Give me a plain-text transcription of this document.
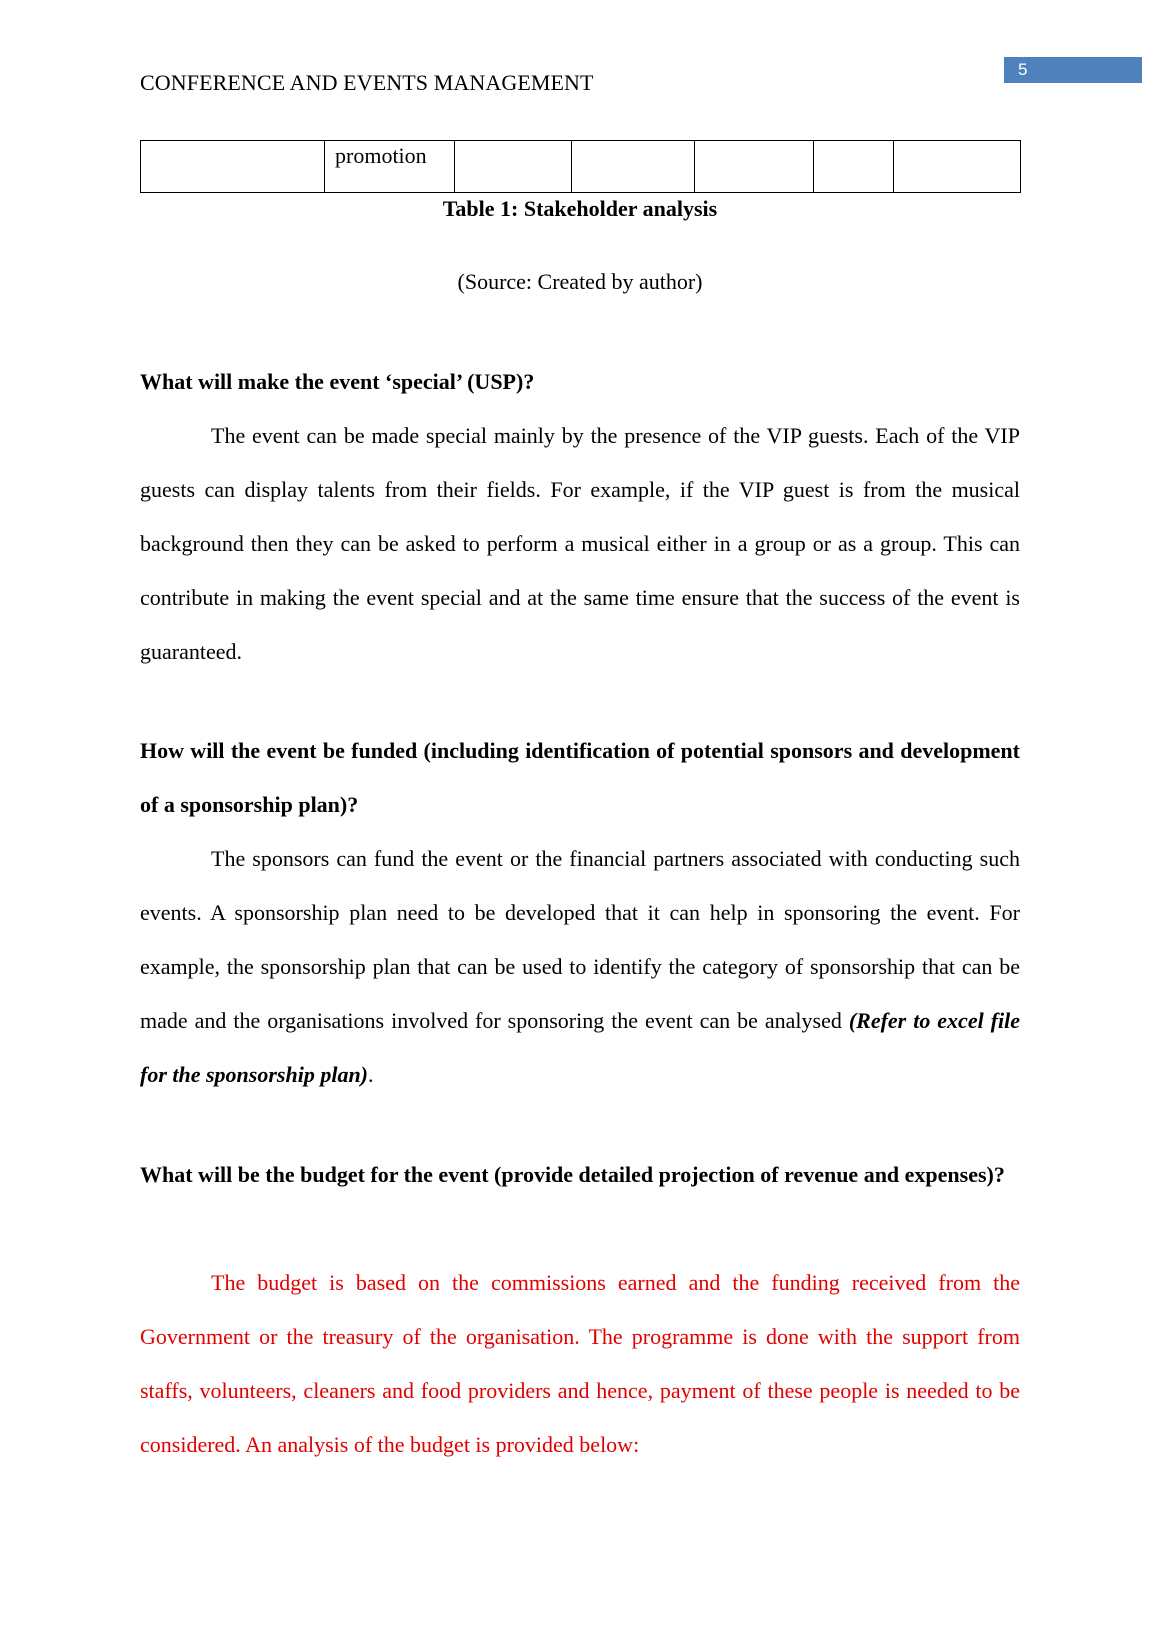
CONFERENCE AND EVENTS MANAGEMENT
5
	promotion					
Table 1: Stakeholder analysis
(Source: Created by author)

What will make the event ‘special’ (USP)?

The event can be made special mainly by the presence of the VIP guests. Each of the VIP guests can display talents from their fields. For example, if the VIP guest is from the musical background then they can be asked to perform a musical either in a group or as a group. This can contribute in making the event special and at the same time ensure that the success of the event is guaranteed.

How will the event be funded (including identification of potential sponsors and development of a sponsorship plan)?

The sponsors can fund the event or the financial partners associated with conducting such events. A sponsorship plan need to be developed that it can help in sponsoring the event. For example, the sponsorship plan that can be used to identify the category of sponsorship that can be made and the organisations involved for sponsoring the event can be analysed (Refer to excel file for the sponsorship plan).

What will be the budget for the event (provide detailed projection of revenue and expenses)?

The budget is based on the commissions earned and the funding received from the Government or the treasury of the organisation. The programme is done with the support from staffs, volunteers, cleaners and food providers and hence, payment of these people is needed to be considered. An analysis of the budget is provided below:
